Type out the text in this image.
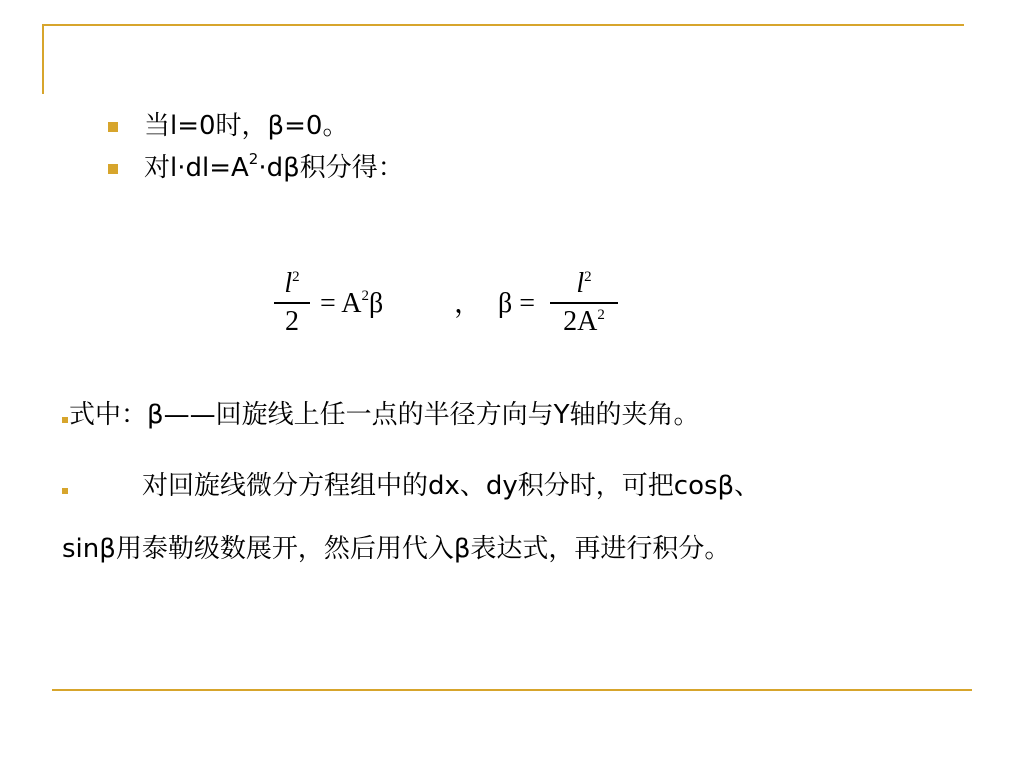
当l=0时，β=0。
对$l\cdot dl=A^2\cdot d\beta$积分得：
$l^2$
2
= $A^2\beta$	， β =
$l^2$
$2A^2$
式中：β——回旋线上任一点的半径方向与Y轴的夹角。
对回旋线微分方程组中的dx、dy积分时，可把cosβ、
sinβ用泰勒级数展开，然后用代入β表达式，再进行积分。
